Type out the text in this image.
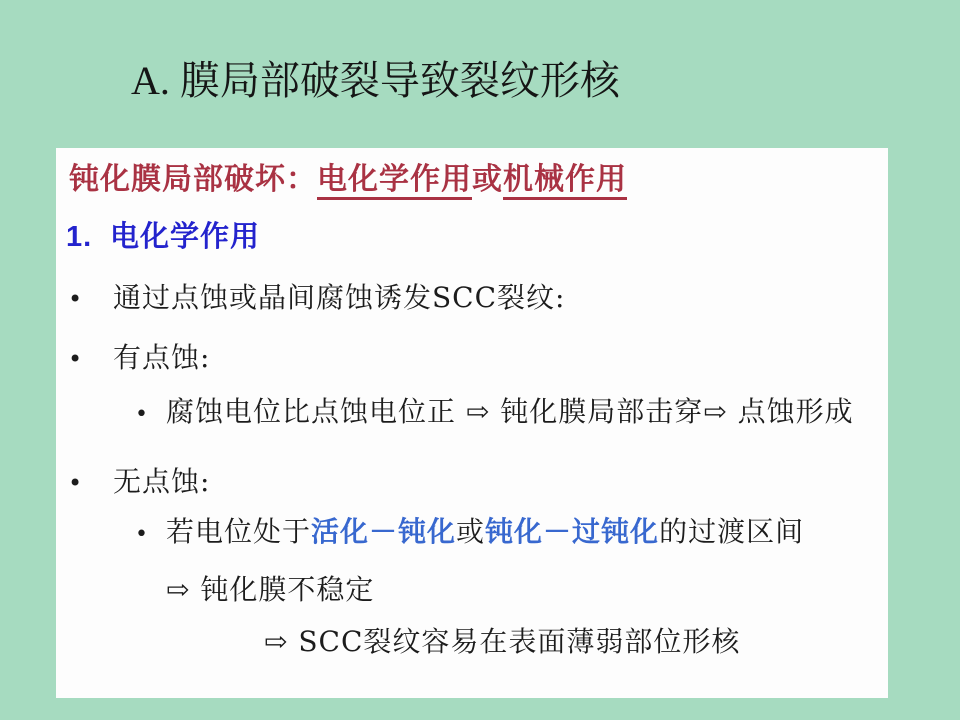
A. 膜局部破裂导致裂纹形核
钝化膜局部破坏：电化学作用或机械作用
1. 电化学作用
• 通过点蚀或晶间腐蚀诱发SCC裂纹:
• 有点蚀:
• 腐蚀电位比点蚀电位正 ⇨ 钝化膜局部击穿⇨ 点蚀形成
• 无点蚀:
• 若电位处于活化－钝化或钝化－过钝化的过渡区间
⇨ 钝化膜不稳定
⇨ SCC裂纹容易在表面薄弱部位形核
